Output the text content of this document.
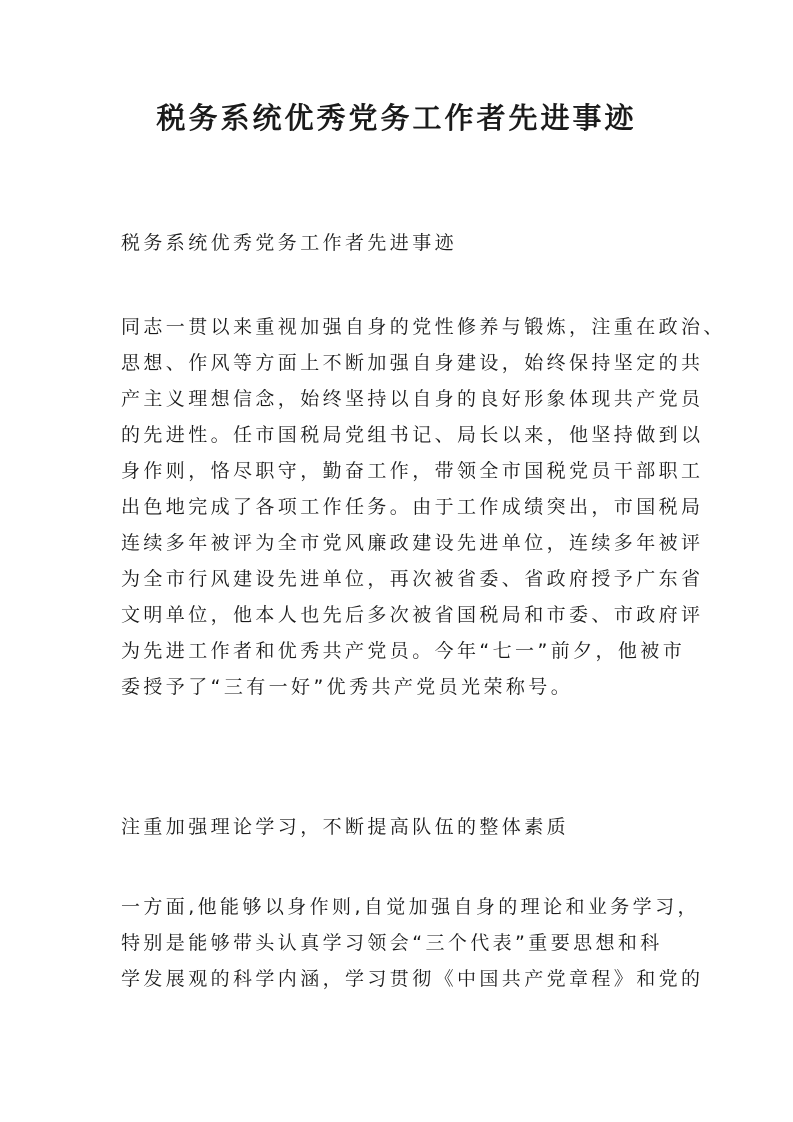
税务系统优秀党务工作者先进事迹
税务系统优秀党务工作者先进事迹
同志一贯以来重视加强自身的党性修养与锻炼，注重在政治、
思想、作风等方面上不断加强自身建设，始终保持坚定的共
产主义理想信念，始终坚持以自身的良好形象体现共产党员
的先进性。任市国税局党组书记、局长以来，他坚持做到以
身作则，恪尽职守，勤奋工作，带领全市国税党员干部职工
出色地完成了各项工作任务。由于工作成绩突出，市国税局
连续多年被评为全市党风廉政建设先进单位，连续多年被评
为全市行风建设先进单位，再次被省委、省政府授予广东省
文明单位，他本人也先后多次被省国税局和市委、市政府评
为先进工作者和优秀共产党员。今年“七一”前夕，他被市
委授予了“三有一好”优秀共产党员光荣称号。
注重加强理论学习，不断提高队伍的整体素质
一方面,他能够以身作则,自觉加强自身的理论和业务学习，
特别是能够带头认真学习领会“三个代表”重要思想和科
学发展观的科学内涵，学习贯彻《中国共产党章程》和党的
